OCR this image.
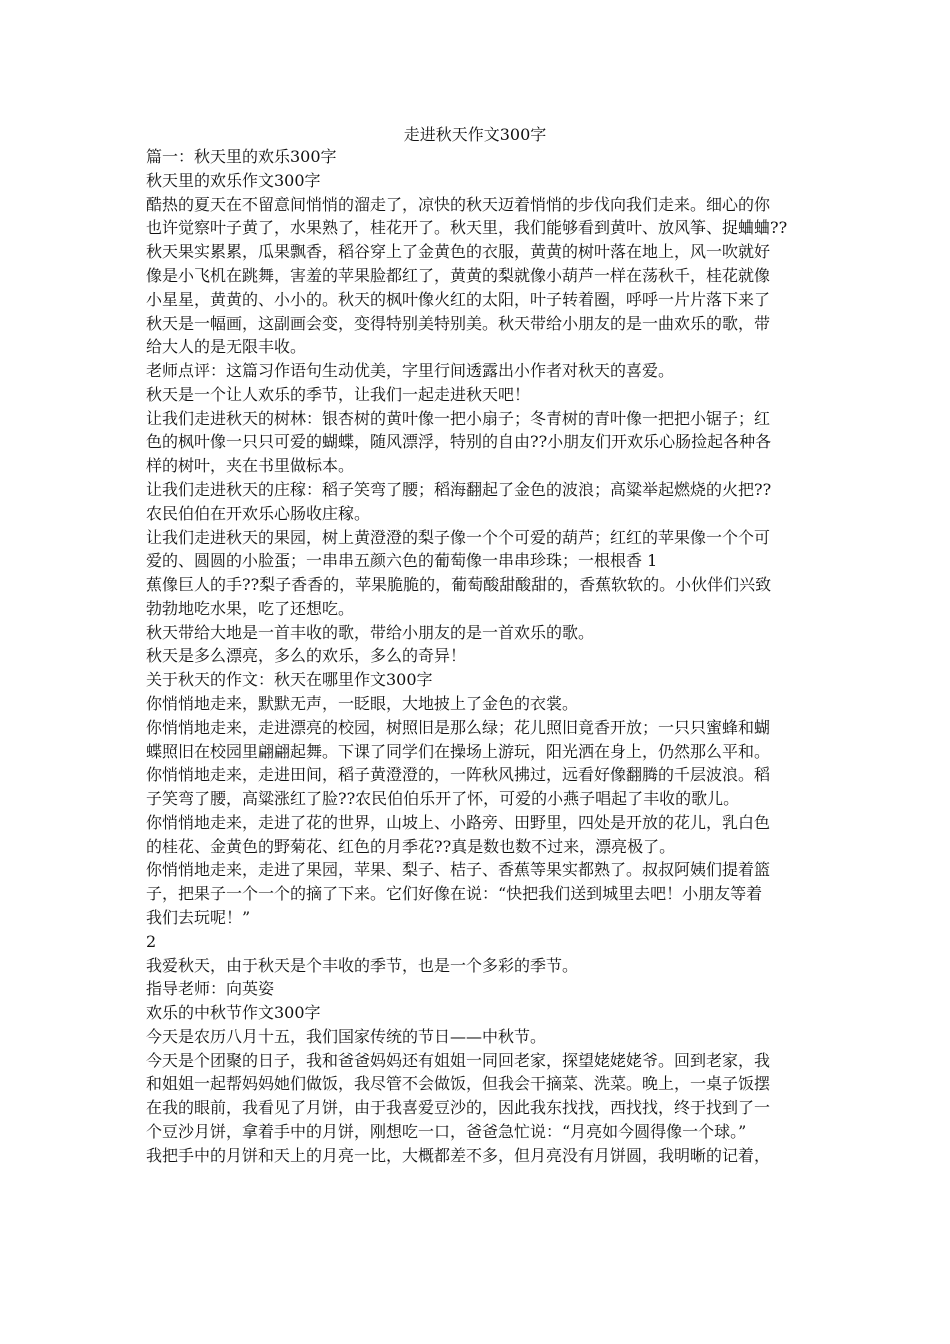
走进秋天作文300字
篇一：秋天里的欢乐300字
秋天里的欢乐作文300字
酷热的夏天在不留意间悄悄的溜走了，凉快的秋天迈着悄悄的步伐向我们走来。细心的你
也许觉察叶子黄了，水果熟了，桂花开了。秋天里，我们能够看到黄叶、放风筝、捉蛐蛐??
秋天果实累累，瓜果飘香，稻谷穿上了金黄色的衣服，黄黄的树叶落在地上，风一吹就好
像是小飞机在跳舞，害羞的苹果脸都红了，黄黄的梨就像小葫芦一样在荡秋千，桂花就像
小星星，黄黄的、小小的。秋天的枫叶像火红的太阳，叶子转着圈，呼呼一片片落下来了
秋天是一幅画，这副画会变，变得特别美特别美。秋天带给小朋友的是一曲欢乐的歌，带
给大人的是无限丰收。
老师点评：这篇习作语句生动优美，字里行间透露出小作者对秋天的喜爱。
秋天是一个让人欢乐的季节，让我们一起走进秋天吧！
让我们走进秋天的树林：银杏树的黄叶像一把小扇子；冬青树的青叶像一把把小锯子；红
色的枫叶像一只只可爱的蝴蝶，随风漂浮，特别的自由??小朋友们开欢乐心肠捡起各种各
样的树叶，夹在书里做标本。
让我们走进秋天的庄稼：稻子笑弯了腰；稻海翻起了金色的波浪；高粱举起燃烧的火把??
农民伯伯在开欢乐心肠收庄稼。
让我们走进秋天的果园，树上黄澄澄的梨子像一个个可爱的葫芦；红红的苹果像一个个可
爱的、圆圆的小脸蛋；一串串五颜六色的葡萄像一串串珍珠；一根根香 1
蕉像巨人的手??梨子香香的，苹果脆脆的，葡萄酸甜酸甜的，香蕉软软的。小伙伴们兴致
勃勃地吃水果，吃了还想吃。
秋天带给大地是一首丰收的歌，带给小朋友的是一首欢乐的歌。
秋天是多么漂亮，多么的欢乐，多么的奇异！
关于秋天的作文：秋天在哪里作文300字
你悄悄地走来，默默无声，一眨眼，大地披上了金色的衣裳。
你悄悄地走来，走进漂亮的校园，树照旧是那么绿；花儿照旧竟香开放；一只只蜜蜂和蝴
蝶照旧在校园里翩翩起舞。下课了同学们在操场上游玩，阳光洒在身上，仍然那么平和。
你悄悄地走来，走进田间，稻子黄澄澄的，一阵秋风拂过，远看好像翻腾的千层波浪。稻
子笑弯了腰，高粱涨红了脸??农民伯伯乐开了怀，可爱的小燕子唱起了丰收的歌儿。
你悄悄地走来，走进了花的世界，山坡上、小路旁、田野里，四处是开放的花儿，乳白色
的桂花、金黄色的野菊花、红色的月季花??真是数也数不过来，漂亮极了。
你悄悄地走来，走进了果园，苹果、梨子、桔子、香蕉等果实都熟了。叔叔阿姨们提着篮
子，把果子一个一个的摘了下来。它们好像在说：“快把我们送到城里去吧！小朋友等着
我们去玩呢！”
2
我爱秋天，由于秋天是个丰收的季节，也是一个多彩的季节。
指导老师：向英姿
欢乐的中秋节作文300字
今天是农历八月十五，我们国家传统的节日——中秋节。
今天是个团聚的日子，我和爸爸妈妈还有姐姐一同回老家，探望姥姥姥爷。回到老家，我
和姐姐一起帮妈妈她们做饭，我尽管不会做饭，但我会干摘菜、洗菜。晚上，一桌子饭摆
在我的眼前，我看见了月饼，由于我喜爱豆沙的，因此我东找找，西找找，终于找到了一
个豆沙月饼，拿着手中的月饼，刚想吃一口，爸爸急忙说：“月亮如今圆得像一个球。”
我把手中的月饼和天上的月亮一比，大概都差不多，但月亮没有月饼圆，我明晰的记着，
